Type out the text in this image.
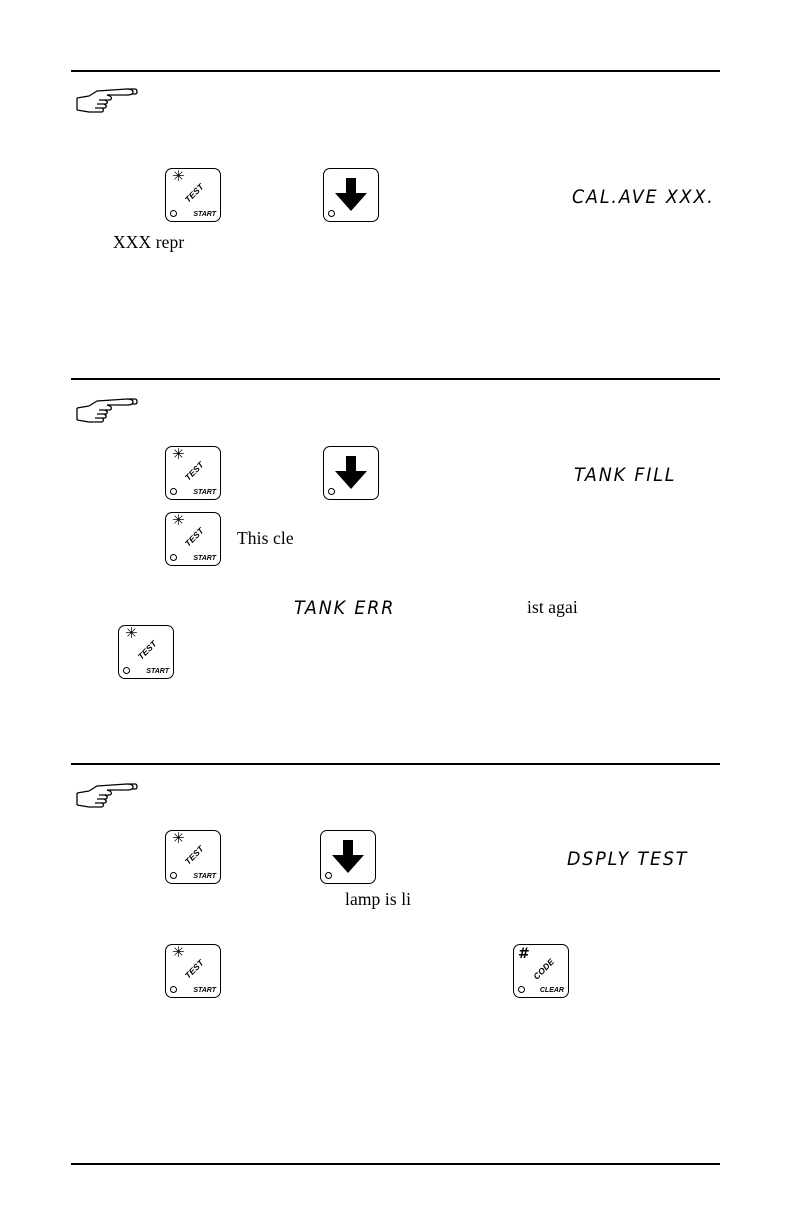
✳
TEST
START
CAL.AVE XXX.
XXX repr
✳
TEST
START
TANK FILL
✳
TEST
START
This cle
TANK ERR	ist agai
✳
TEST
START
✳
TEST
START
DSPLY TEST
lamp is li
✳
TEST
START
#
CODE
CLEAR
